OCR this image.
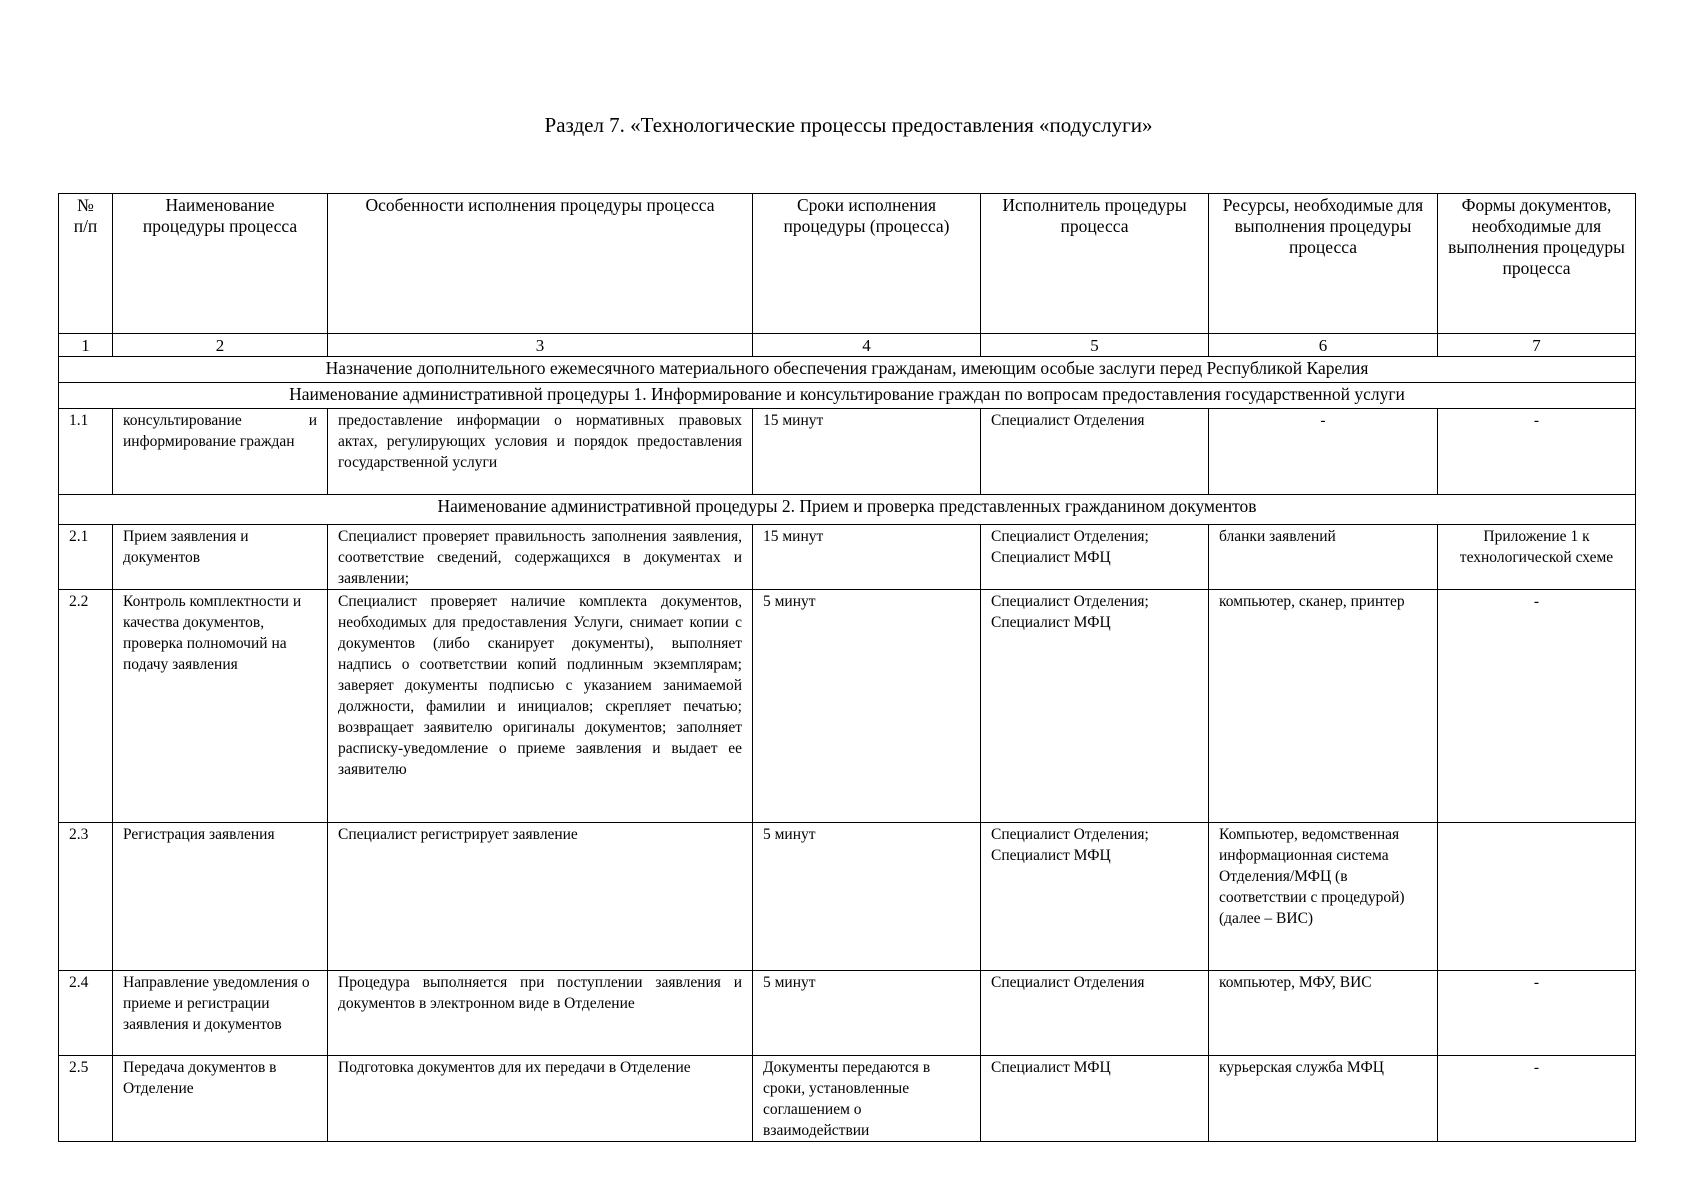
Раздел 7. «Технологические процессы предоставления «подуслуги»
№ п/п	Наименование процедуры процесса	Особенности исполнения процедуры процесса	Сроки исполнения процедуры (процесса)	Исполнитель процедуры процесса	Ресурсы, необходимые для выполнения процедуры процесса	Формы документов, необходимые для выполнения процедуры процесса
1	2	3	4	5	6	7
Назначение дополнительного ежемесячного материального обеспечения гражданам, имеющим особые заслуги перед Республикой Карелия						
Наименование административной процедуры 1. Информирование и консультирование граждан по вопросам предоставления государственной услуги						
1.1	консультирование и информирование граждан	предоставление информации о нормативных правовых актах, регулирующих условия и порядок предоставления государственной услуги	15 минут	Специалист Отделения	-	-
Наименование административной процедуры 2. Прием и проверка представленных гражданином документов						
2.1	Прием заявления и документов	Специалист проверяет правильность заполнения заявления, соответствие сведений, содержащихся в документах и заявлении;	15 минут	Специалист Отделения; Специалист МФЦ	бланки заявлений	Приложение 1 к технологической схеме
2.2	Контроль комплектности и качества документов, проверка полномочий на подачу заявления	Специалист проверяет наличие комплекта документов, необходимых для предоставления Услуги, снимает копии с документов (либо сканирует документы), выполняет надпись о соответствии копий подлинным экземплярам; заверяет документы подписью с указанием занимаемой должности, фамилии и инициалов; скрепляет печатью; возвращает заявителю оригиналы документов; заполняет расписку-уведомление о приеме заявления и выдает ее заявителю	5 минут	Специалист Отделения; Специалист МФЦ	компьютер, сканер, принтер	-
2.3	Регистрация заявления	Специалист регистрирует заявление	5 минут	Специалист Отделения; Специалист МФЦ	Компьютер, ведомственная информационная система Отделения/МФЦ (в соответствии с процедурой) (далее – ВИС)	
2.4	Направление уведомления о приеме и регистрации заявления и документов	Процедура выполняется при поступлении заявления и документов в электронном виде в Отделение	5 минут	Специалист Отделения	компьютер, МФУ, ВИС	-
2.5	Передача документов в Отделение	Подготовка документов для их передачи в Отделение	Документы передаются в сроки, установленные соглашением о взаимодействии	Специалист МФЦ	курьерская служба МФЦ	-
